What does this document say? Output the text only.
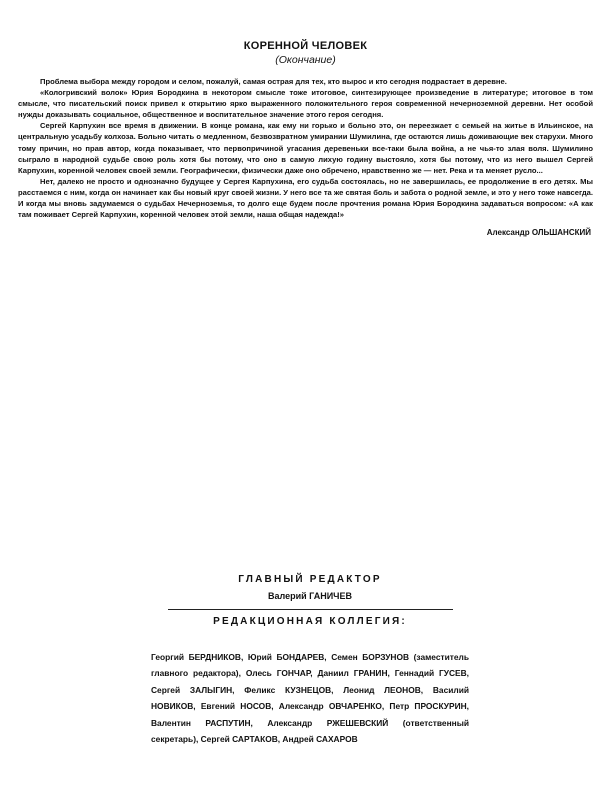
КОРЕННОЙ ЧЕЛОВЕК
(Окончание)

Проблема выбора между городом и селом, пожалуй, самая острая для тех, кто вырос и кто сегодня подрастает в деревне.

«Кологривский волок» Юрия Бородкина в некотором смысле тоже итоговое, синтезирующее произведение в литературе; итоговое в том смысле, что писательский поиск привел к открытию ярко выраженного положительного героя современной нечерноземной деревни. Нет особой нужды доказывать социальное, общественное и воспитательное значение этого героя сегодня.

Сергей Карпухин все время в движении. В конце романа, как ему ни горько и больно это, он переезжает с семьей на житье в Ильинское, на центральную усадьбу колхоза. Больно читать о медленном, безвозвратном умирании Шумилина, где остаются лишь доживающие век старухи. Много тому причин, но прав автор, когда показывает, что первопричиной угасания деревеньки все-таки была война, а не чья-то злая воля. Шумилино сыграло в народной судьбе свою роль хотя бы потому, что оно в самую лихую годину выстояло, хотя бы потому, что из него вышел Сергей Карпухин, коренной человек своей земли. Географически, физически даже оно обречено, нравственно же — нет. Река и та меняет русло...

Нет, далеко не просто и однозначно будущее у Сергея Карпухина, его судьба состоялась, но не завершилась, ее продолжение в его детях. Мы расстаемся с ним, когда он начинает как бы новый круг своей жизни. У него все та же святая боль и забота о родной земле, и это у него тоже навсегда. И когда мы вновь задумаемся о судьбах Нечерноземья, то долго еще будем после прочтения романа Юрия Бородкина задаваться вопросом: «А как там поживает Сергей Карпухин, коренной человек этой земли, наша общая надежда!»

Александр ОЛЬШАНСКИЙ
ГЛАВНЫЙ РЕДАКТОР
Валерий ГАНИЧЕВ
РЕДАКЦИОННАЯ КОЛЛЕГИЯ:
Георгий БЕРДНИКОВ, Юрий БОНДАРЕВ, Семен БОРЗУНОВ (заместитель главного редактора), Олесь ГОНЧАР, Даниил ГРАНИН, Геннадий ГУСЕВ, Сергей ЗАЛЫГИН, Феликс КУЗНЕЦОВ, Леонид ЛЕОНОВ, Василий НОВИКОВ, Евгений НОСОВ, Александр ОВЧАРЕНКО, Петр ПРОСКУРИН, Валентин РАСПУТИН, Александр РЖЕШЕВСКИЙ (ответственный секретарь), Сергей САРТАКОВ, Андрей САХАРОВ
